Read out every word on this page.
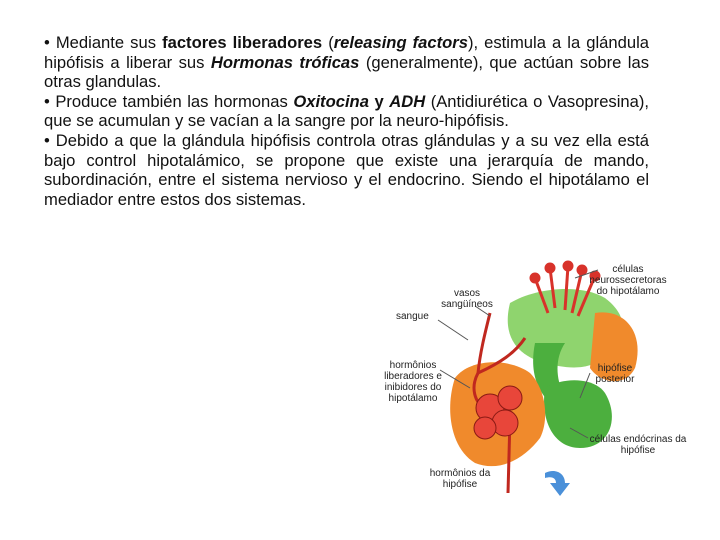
• Mediante sus factores liberadores (releasing factors), estimula a la glándula hipófisis a liberar sus Hormonas tróficas (generalmente), que actúan sobre las otras glandulas.

• Produce también las hormonas Oxitocina y ADH (Antidiurética o Vasopresina), que se acumulan y se vacían a la sangre por la neuro-hipófisis.

• Debido a que la glándula hipófisis controla otras glándulas y a su vez ella está bajo control hipotalámico, se propone que existe una jerarquía de mando, subordinación, entre el sistema nervioso y el endocrino. Siendo el hipotálamo el mediador entre estos dos sistemas.

células neurossecretoras do hipotálamo
vasos sangüíneos
sangue
hormônios liberadores e inibidores do hipotálamo
hipófise posterior
células endócrinas da hipófise
hormônios da hipófise
